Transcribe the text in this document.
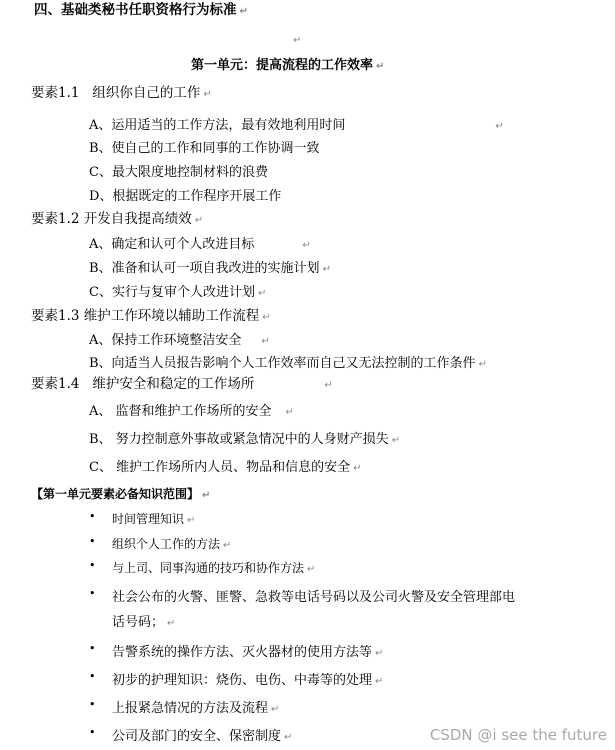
四、基础类秘书任职资格行为标准 ↵
↵
第一单元：提高流程的工作效率 ↵
要素1.1 组织你自己的工作 ↵
A、运用适当的工作方法，最有效地利用时间	↵
B、使自己的工作和同事的工作协调一致
C、最大限度地控制材料的浪费
D、根据既定的工作程序开展工作
要素1.2 开发自我提高绩效 ↵
A、确定和认可个人改进目标	↵
B、准备和认可一项自我改进的实施计划 ↵
C、实行与复审个人改进计划 ↵
要素1.3 维护工作环境以辅助工作流程 ↵
A、保持工作环境整洁安全 ↵
B、向适当人员报告影响个人工作效率而自己又无法控制的工作条件 ↵
要素1.4 维护安全和稳定的工作场所	↵
A、 监督和维护工作场所的安全 ↵
B、 努力控制意外事故或紧急情况中的人身财产损失 ↵
C、 维护工作场所内人员、物品和信息的安全 ↵
【第一单元要素必备知识范围】 ↵
• 时间管理知识 ↵
• 组织个人工作的方法 ↵
• 与上司、同事沟通的技巧和协作方法 ↵
• 社会公布的火警、匪警、急救等电话号码以及公司火警及安全管理部电
话号码； ↵
• 告警系统的操作方法、灭火器材的使用方法等 ↵
• 初步的护理知识：烧伤、电伤、中毒等的处理 ↵
• 上报紧急情况的方法及流程 ↵
• 公司及部门的安全、保密制度 ↵	CSDN @i see the future
